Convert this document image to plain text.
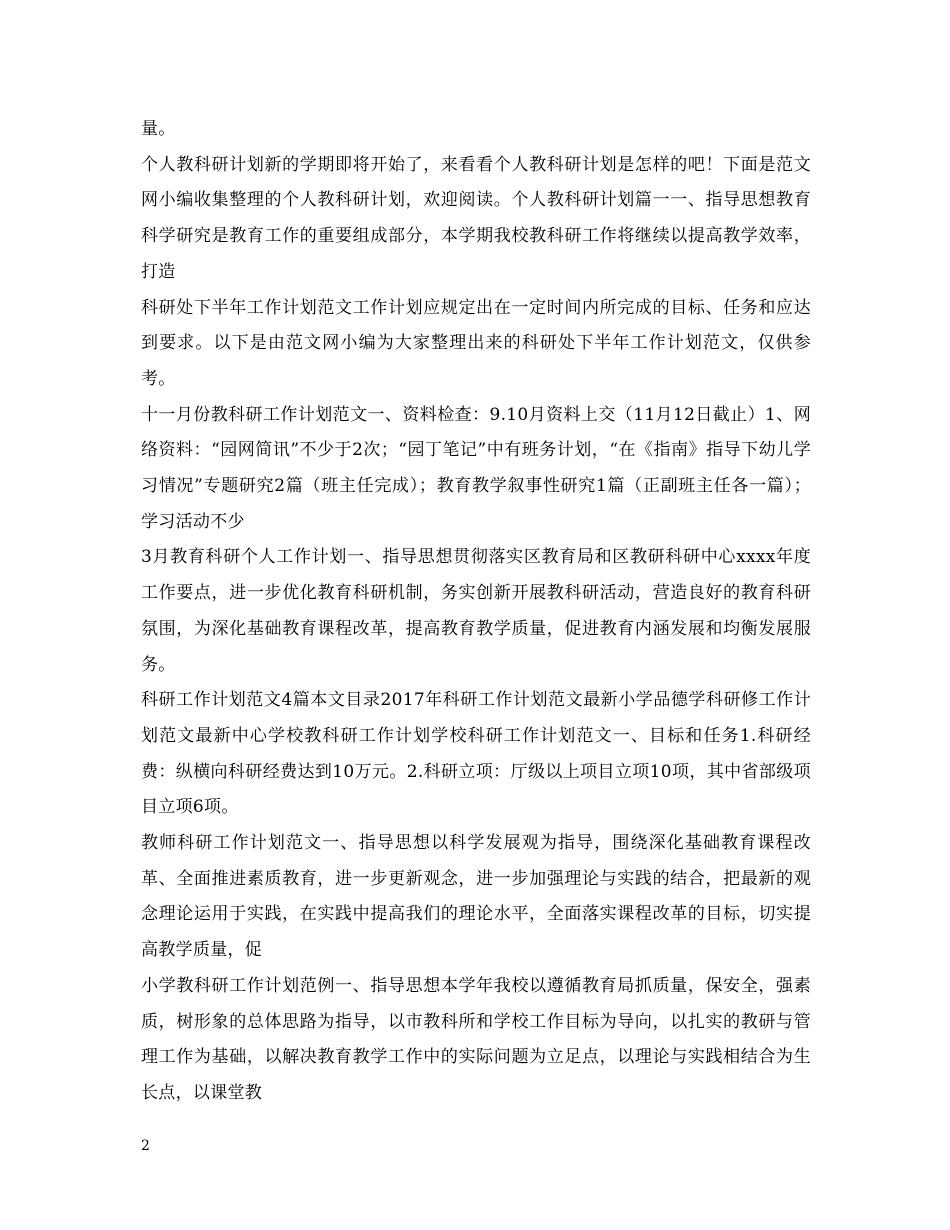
量。

个人教科研计划新的学期即将开始了，来看看个人教科研计划是怎样的吧！下面是范文网小编收集整理的个人教科研计划，欢迎阅读。个人教科研计划篇一一、指导思想教育科学研究是教育工作的重要组成部分，本学期我校教科研工作将继续以提高教学效率，打造

科研处下半年工作计划范文工作计划应规定出在一定时间内所完成的目标、任务和应达到要求。以下是由范文网小编为大家整理出来的科研处下半年工作计划范文，仅供参考。

十一月份教科研工作计划范文一、资料检查：9.10月资料上交（11月12日截止）1、网络资料：“园网简讯”不少于2次；“园丁笔记”中有班务计划，“在《指南》指导下幼儿学习情况”专题研究2篇（班主任完成）；教育教学叙事性研究1篇（正副班主任各一篇）；学习活动不少

3月教育科研个人工作计划一、指导思想贯彻落实区教育局和区教研科研中心xxxx年度工作要点，进一步优化教育科研机制，务实创新开展教科研活动，营造良好的教育科研氛围，为深化基础教育课程改革，提高教育教学质量，促进教育内涵发展和均衡发展服务。

科研工作计划范文4篇本文目录2017年科研工作计划范文最新小学品德学科研修工作计划范文最新中心学校教科研工作计划学校科研工作计划范文一、目标和任务1.科研经费：纵横向科研经费达到10万元。2.科研立项：厅级以上项目立项10项，其中省部级项目立项6项。

教师科研工作计划范文一、指导思想以科学发展观为指导，围绕深化基础教育课程改革、全面推进素质教育，进一步更新观念，进一步加强理论与实践的结合，把最新的观念理论运用于实践，在实践中提高我们的理论水平，全面落实课程改革的目标，切实提高教学质量，促

小学教科研工作计划范例一、指导思想本学年我校以遵循教育局抓质量，保安全，强素质，树形象的总体思路为指导，以市教科所和学校工作目标为导向，以扎实的教研与管理工作为基础，以解决教育教学工作中的实际问题为立足点，以理论与实践相结合为生长点，以课堂教

2
